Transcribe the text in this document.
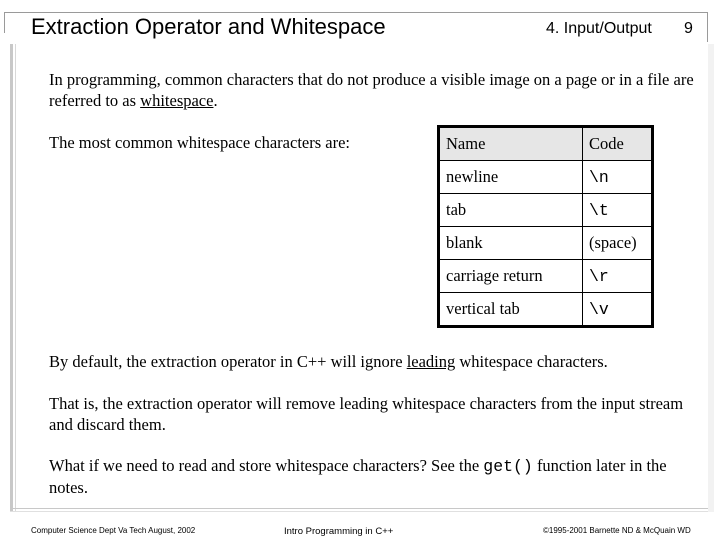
Extraction Operator and Whitespace	4. Input/Output 9

In programming, common characters that do not produce a visible image on a page or in a file are referred to as whitespace.

The most common whitespace characters are:	Name	Code
newline	\n
tab	\t
blank	(space)
carriage return	\r
vertical tab	\v

By default, the extraction operator in C++ will ignore leading whitespace characters.

That is, the extraction operator will remove leading whitespace characters from the input stream and discard them.

What if we need to read and store whitespace characters? See the get() function later in the notes.

Computer Science Dept Va Tech August, 2002	Intro Programming in C++	©1995-2001 Barnette ND & McQuain WD
